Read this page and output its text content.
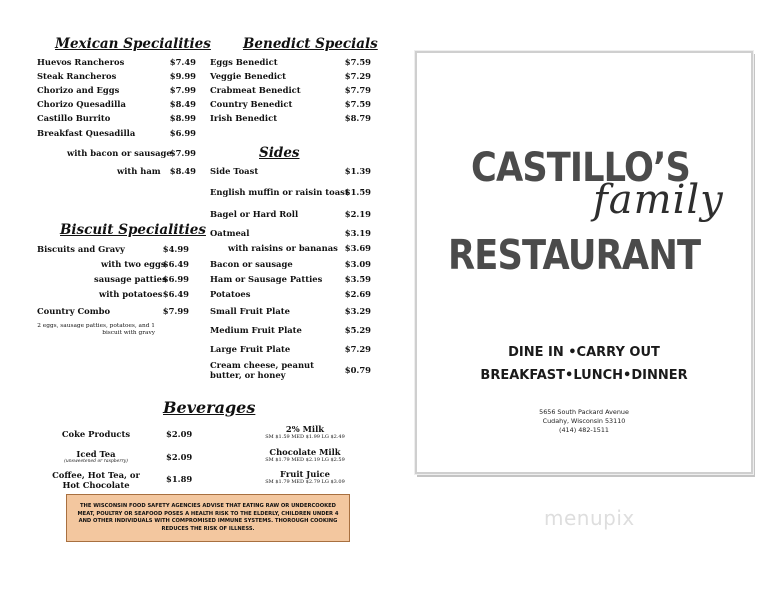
Mexican Specialities
Huevos Rancheros	$7.49
Steak Rancheros	$9.99
Chorizo and Eggs	$7.99
Chorizo Quesadilla	$8.49
Castillo Burrito	$8.99
Breakfast Quesadilla	$6.99
with bacon or sausage
$7.99
with ham $8.49
Biscuit Specialities
Biscuits and Gravy	$4.99
with two eggs
$6.49
sausage patties
$6.99
with potatoes $6.49
Country Combo	$7.99
2 eggs, sausage patties, potatoes, and 1 biscuit with gravy
Benedict Specials
Eggs Benedict	$7.59
Veggie Benedict	$7.29
Crabmeat Benedict	$7.79
Country Benedict	$7.59
Irish Benedict	$8.79
Sides
Side Toast	$1.39
English muffin or raisin toast
$1.59
Bagel or Hard Roll	$2.19
Oatmeal	$3.19
with raisins or bananas $3.69
Bacon or sausage	$3.09
Ham or Sausage Patties	$3.59
Potatoes	$2.69
Small Fruit Plate	$3.29
Medium Fruit Plate	$5.29
Large Fruit Plate	$7.29
Cream cheese, peanut butter, or honey	$0.79
Beverages
Coke Products	$2.09
Iced Tea
(unsweetened or raspberry)	$2.09
Coffee, Hot Tea, or Hot Chocolate
$1.89
2% Milk
SM $1.59 MED $1.99 LG $2.49
Chocolate Milk
SM $1.79 MED $2.19 LG $2.59
Fruit Juice
SM $1.79 MED $2.79 LG $3.09
THE WISCONSIN FOOD SAFETY AGENCIES ADVISE THAT EATING RAW OR UNDERCOOKED MEAT, POULTRY OR SEAFOOD POSES A HEALTH RISK TO THE ELDERLY, CHILDREN UNDER 4 AND OTHER INDIVIDUALS WITH COMPROMISED IMMUNE SYSTEMS. THOROUGH COOKING REDUCES THE RISK OF ILLNESS.
CASTILLO’S
family
RESTAURANT
DINE IN •CARRY OUT
BREAKFAST•LUNCH•DINNER
5656 South Packard Avenue
Cudahy, Wisconsin 53110
(414) 482-1511
menupix
